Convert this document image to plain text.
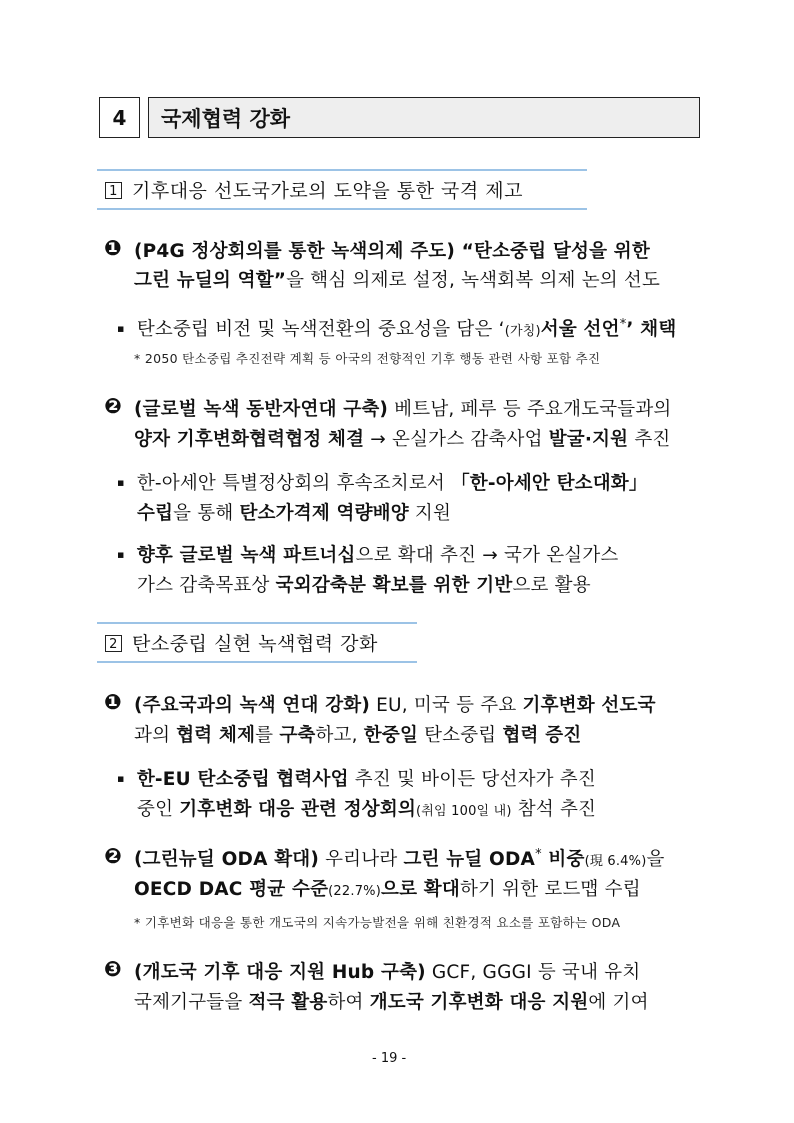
4	국제협력 강화
1 기후대응 선도국가로의 도약을 통한 국격 제고
❶ (P4G 정상회의를 통한 녹색의제 주도) “탄소중립 달성을 위한
그린 뉴딜의 역할”을 핵심 의제로 설정, 녹색회복 의제 논의 선도
▪ 탄소중립 비전 및 녹색전환의 중요성을 담은 ‘(가칭)서울 선언*’ 채택
* 2050 탄소중립 추진전략 계획 등 아국의 전향적인 기후 행동 관련 사항 포함 추진
❷ (글로벌 녹색 동반자연대 구축) 베트남, 페루 등 주요개도국들과의
양자 기후변화협력협정 체결 → 온실가스 감축사업 발굴·지원 추진
▪ 한-아세안 특별정상회의 후속조치로서 「한-아세안 탄소대화」
수립을 통해 탄소가격제 역량배양 지원
▪ 향후 글로벌 녹색 파트너십으로 확대 추진 → 국가 온실가스
가스 감축목표상 국외감축분 확보를 위한 기반으로 활용
2 탄소중립 실현 녹색협력 강화
❶ (주요국과의 녹색 연대 강화) EU, 미국 등 주요 기후변화 선도국
과의 협력 체제를 구축하고, 한중일 탄소중립 협력 증진
▪ 한-EU 탄소중립 협력사업 추진 및 바이든 당선자가 추진
중인 기후변화 대응 관련 정상회의(취임 100일 내) 참석 추진
❷ (그린뉴딜 ODA 확대) 우리나라 그린 뉴딜 ODA* 비중(現 6.4%)을
OECD DAC 평균 수준(22.7%)으로 확대하기 위한 로드맵 수립
* 기후변화 대응을 통한 개도국의 지속가능발전을 위해 친환경적 요소를 포함하는 ODA
❸ (개도국 기후 대응 지원 Hub 구축) GCF, GGGI 등 국내 유치
국제기구들을 적극 활용하여 개도국 기후변화 대응 지원에 기여
- 19 -
